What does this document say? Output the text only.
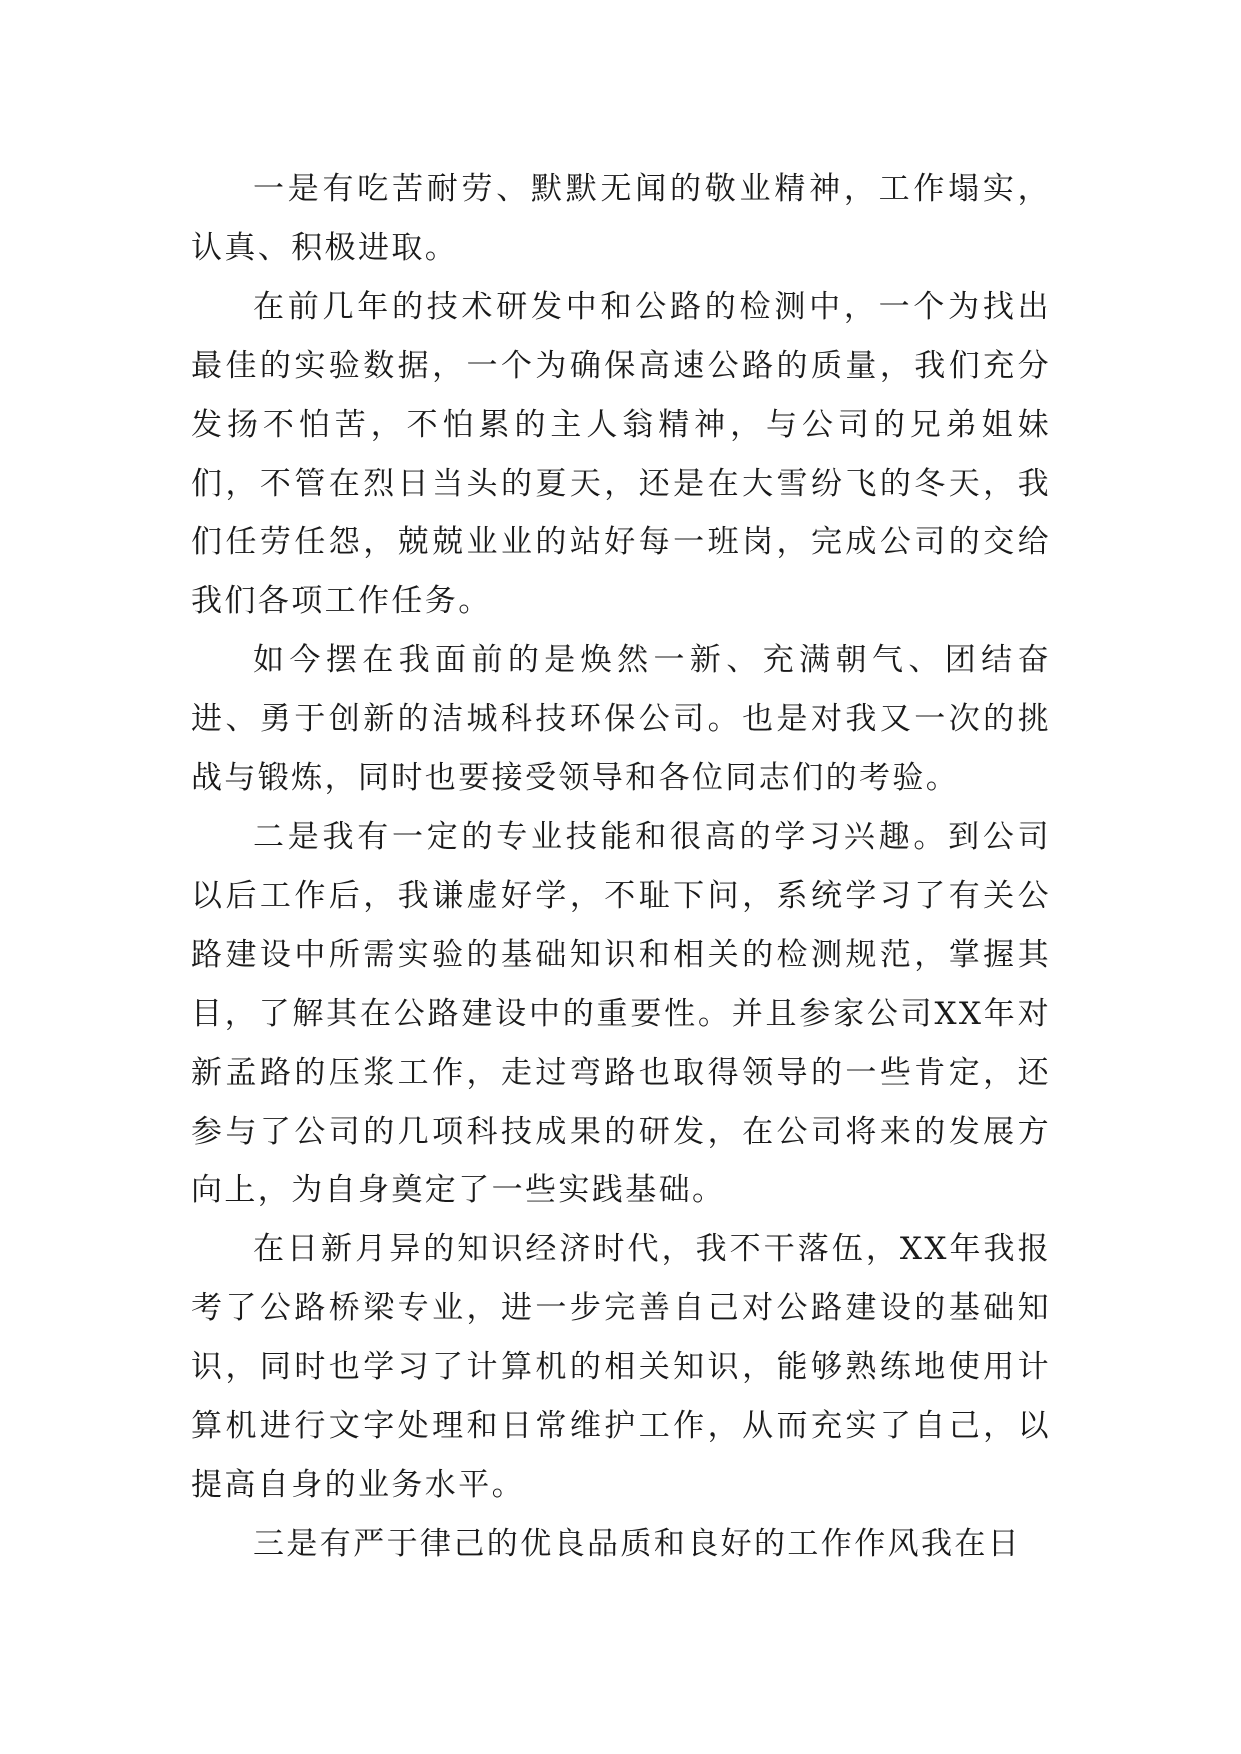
一是有吃苦耐劳、默默无闻的敬业精神，工作塌实，认真、积极进取。

在前几年的技术研发中和公路的检测中，一个为找出最佳的实验数据，一个为确保高速公路的质量，我们充分发扬不怕苦，不怕累的主人翁精神，与公司的兄弟姐妹们，不管在烈日当头的夏天，还是在大雪纷飞的冬天，我们任劳任怨，兢兢业业的站好每一班岗，完成公司的交给我们各项工作任务。

如今摆在我面前的是焕然一新、充满朝气、团结奋进、勇于创新的洁城科技环保公司。也是对我又一次的挑战与锻炼，同时也要接受领导和各位同志们的考验。

二是我有一定的专业技能和很高的学习兴趣。到公司以后工作后，我谦虚好学，不耻下问，系统学习了有关公路建设中所需实验的基础知识和相关的检测规范，掌握其目，了解其在公路建设中的重要性。并且参家公司XX年对新孟路的压浆工作，走过弯路也取得领导的一些肯定，还参与了公司的几项科技成果的研发，在公司将来的发展方向上，为自身奠定了一些实践基础。

在日新月异的知识经济时代，我不干落伍，XX年我报考了公路桥梁专业，进一步完善自己对公路建设的基础知识，同时也学习了计算机的相关知识，能够熟练地使用计算机进行文字处理和日常维护工作，从而充实了自己，以提高自身的业务水平。

三是有严于律己的优良品质和良好的工作作风我在日
